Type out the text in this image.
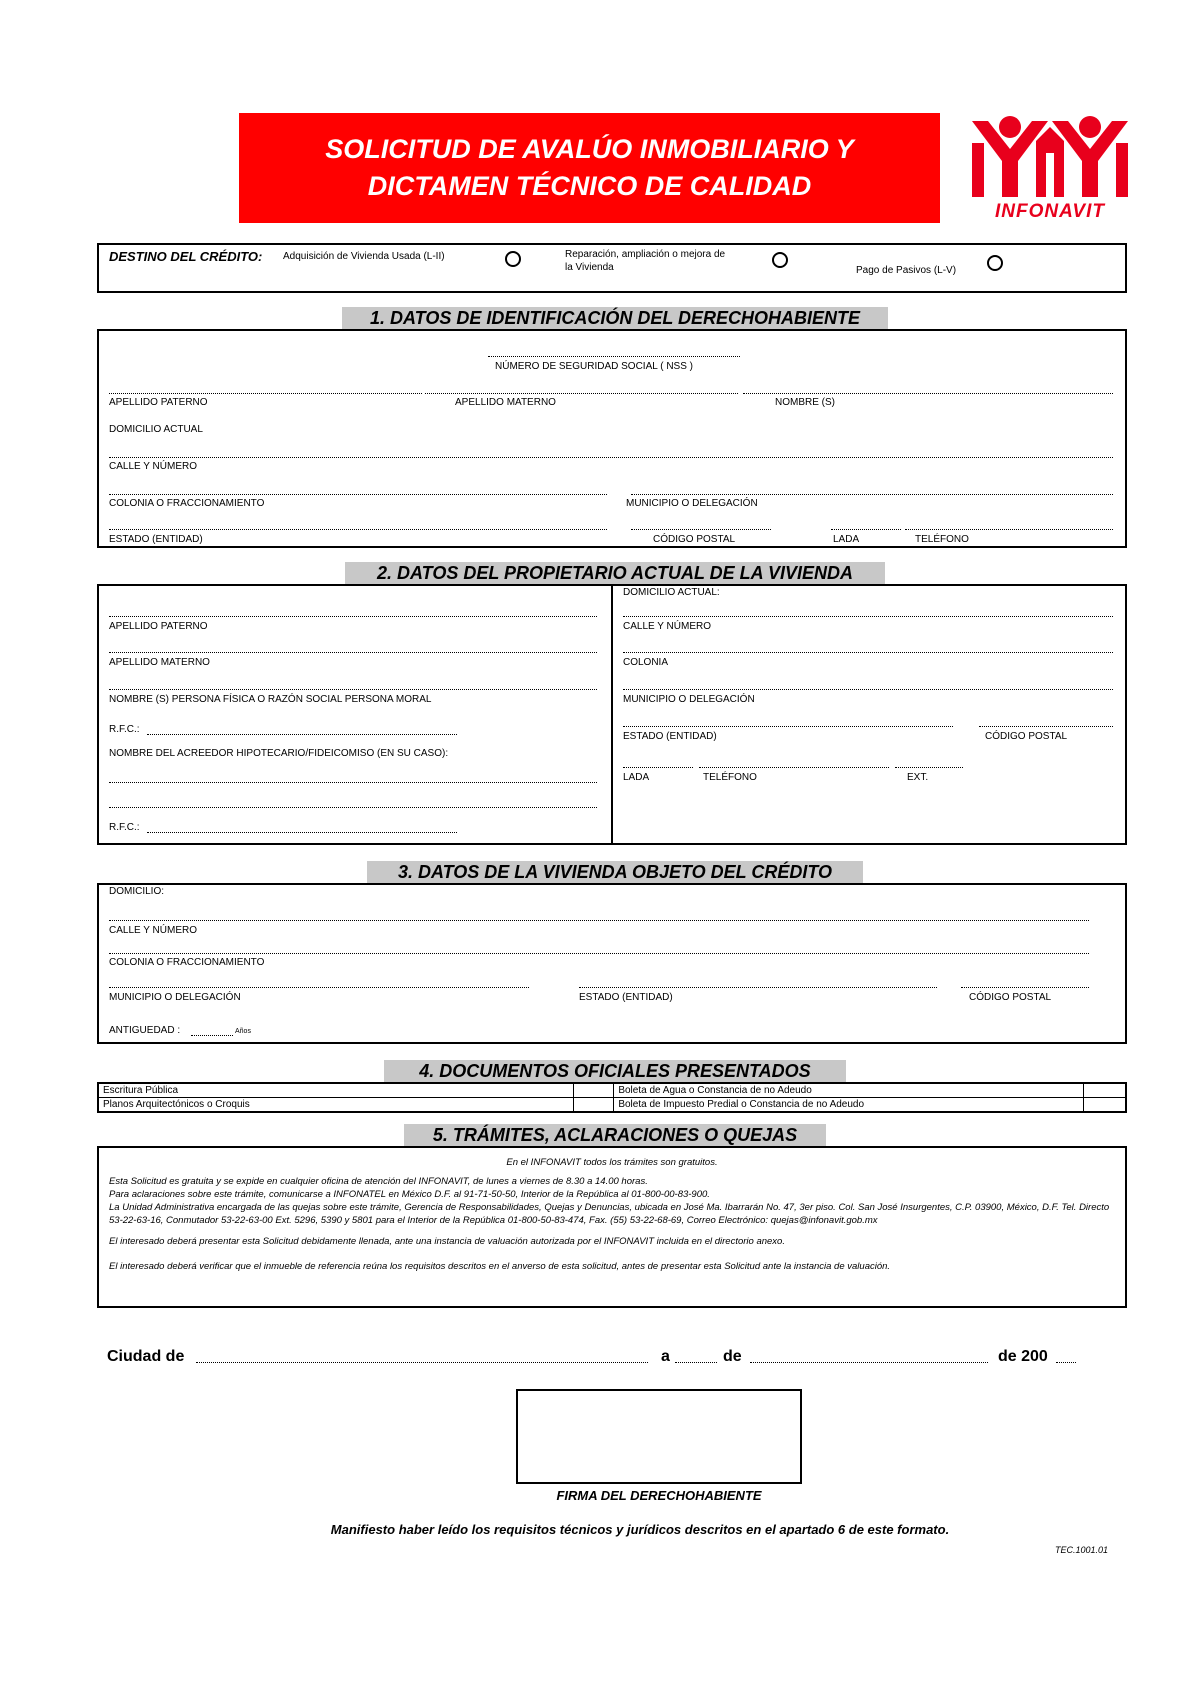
SOLICITUD DE AVALÚO INMOBILIARIO Y
DICTAMEN TÉCNICO DE CALIDAD
INFONAVIT
DESTINO DEL CRÉDITO: Adquisición de Vivienda Usada (L-II)	Reparación, ampliación o mejora de
la Vivienda	Pago de Pasivos (L-V)
1. DATOS DE IDENTIFICACIÓN DEL DERECHOHABIENTE
NÚMERO DE SEGURIDAD SOCIAL ( NSS )
APELLIDO PATERNO	APELLIDO MATERNO	NOMBRE (S)
DOMICILIO ACTUAL
CALLE Y NÚMERO
COLONIA O FRACCIONAMIENTO	MUNICIPIO O DELEGACIÓN
ESTADO (ENTIDAD)	CÓDIGO POSTAL	LADA	TELÉFONO
2. DATOS DEL PROPIETARIO ACTUAL DE LA VIVIENDA
APELLIDO PATERNO
APELLIDO MATERNO
NOMBRE (S) PERSONA FÍSICA O RAZÓN SOCIAL PERSONA MORAL
R.F.C.:
NOMBRE DEL ACREEDOR HIPOTECARIO/FIDEICOMISO (EN SU CASO):
R.F.C.:
DOMICILIO ACTUAL:
CALLE Y NÚMERO
COLONIA
MUNICIPIO O DELEGACIÓN
ESTADO (ENTIDAD)	CÓDIGO POSTAL
LADA	TELÉFONO	EXT.
3. DATOS DE LA VIVIENDA OBJETO DEL CRÉDITO
DOMICILIO:
CALLE Y NÚMERO
COLONIA O FRACCIONAMIENTO
MUNICIPIO O DELEGACIÓN	ESTADO (ENTIDAD)	CÓDIGO POSTAL
ANTIGUEDAD :	Años
4. DOCUMENTOS OFICIALES PRESENTADOS
Escritura Pública		Boleta de Agua o Constancia de no Adeudo	
Planos Arquitectónicos o Croquis		Boleta de Impuesto Predial o Constancia de no Adeudo	
5. TRÁMITES, ACLARACIONES O QUEJAS

En el INFONAVIT todos los trámites son gratuitos.

Esta Solicitud es gratuita y se expide en cualquier oficina de atención del INFONAVIT, de lunes a viernes de 8.30 a 14.00 horas.

Para aclaraciones sobre este trámite, comunicarse a INFONATEL en México D.F. al 91-71-50-50, Interior de la República al 01-800-00-83-900.

La Unidad Administrativa encargada de las quejas sobre este trámite, Gerencia de Responsabilidades, Quejas y Denuncias, ubicada en José Ma. Ibarrarán No. 47, 3er piso. Col. San José Insurgentes, C.P. 03900, México, D.F. Tel. Directo 53-22-63-16, Conmutador 53-22-63-00 Ext. 5296, 5390 y 5801 para el Interior de la República 01-800-50-83-474, Fax. (55) 53-22-68-69, Correo Electrónico: quejas@infonavit.gob.mx

El interesado deberá presentar esta Solicitud debidamente llenada, ante una instancia de valuación autorizada por el INFONAVIT incluida en el directorio anexo.

El interesado deberá verificar que el inmueble de referencia reúna los requisitos descritos en el anverso de esta solicitud, antes de presentar esta Solicitud ante la instancia de valuación.

Ciudad de	a	de	de 200
FIRMA DEL DERECHOHABIENTE
Manifiesto haber leído los requisitos técnicos y jurídicos descritos en el apartado 6 de este formato.
TEC.1001.01
